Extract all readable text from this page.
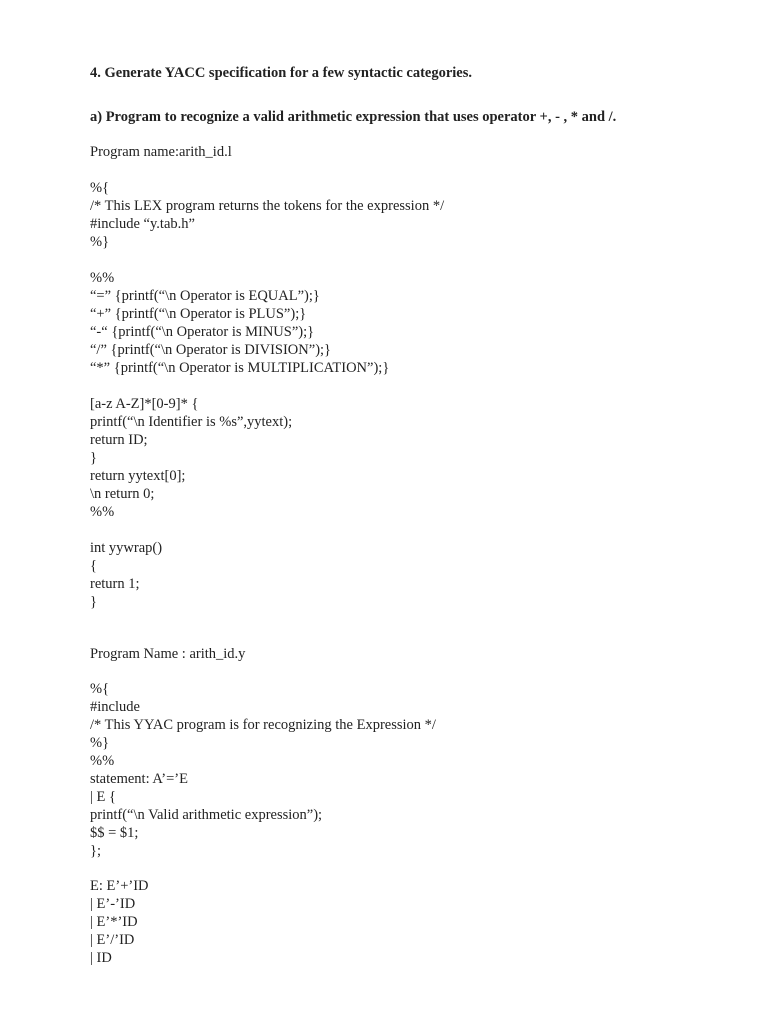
4. Generate YACC specification for a few syntactic categories.
a) Program to recognize a valid arithmetic expression that uses operator +, - , * and /.
Program name:arith_id.l
%{
/* This LEX program returns the tokens for the expression */
#include “y.tab.h”
%}
%%
“=” {printf(“\n Operator is EQUAL”);}
“+” {printf(“\n Operator is PLUS”);}
“-“ {printf(“\n Operator is MINUS”);}
“/” {printf(“\n Operator is DIVISION”);}
“*” {printf(“\n Operator is MULTIPLICATION”);}
[a-z A-Z]*[0-9]* {
printf(“\n Identifier is %s”,yytext);
return ID;
}
return yytext[0];
\n return 0;
%%
int yywrap()
{
return 1;
}
Program Name : arith_id.y
%{
#include
/* This YYAC program is for recognizing the Expression */
%}
%%
statement: A’=’E
| E {
printf(“\n Valid arithmetic expression”);
$$ = $1;
};
E: E’+’ID
| E’-’ID
| E’*’ID
| E’/’ID
| ID
